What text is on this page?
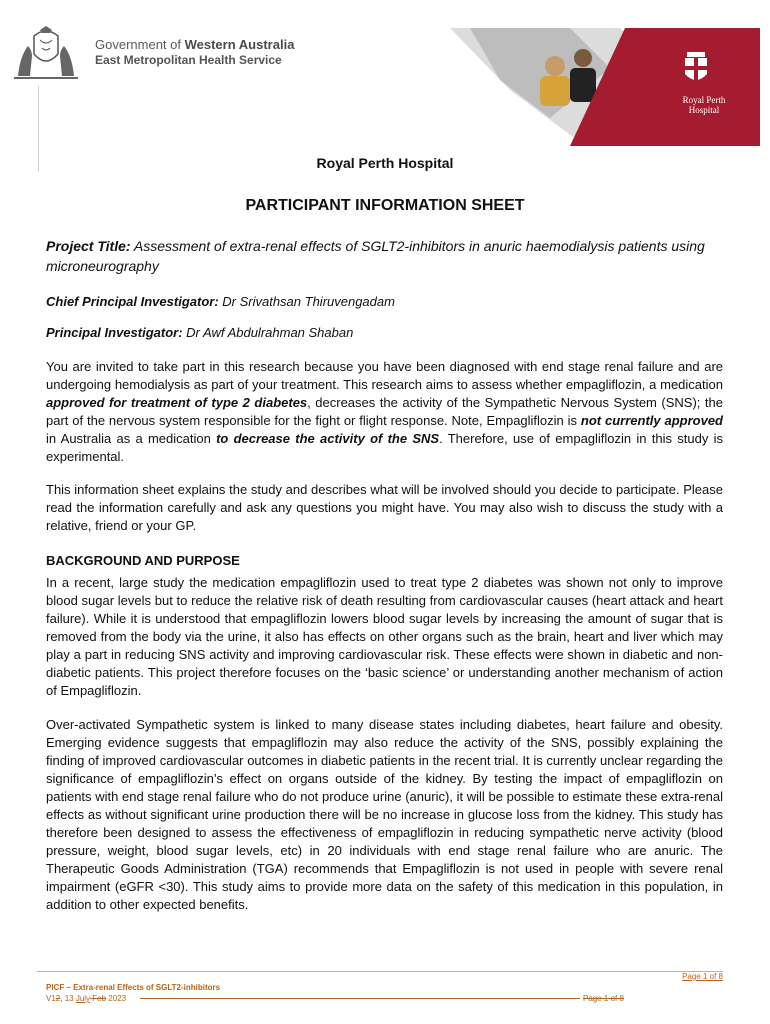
Government of Western Australia
East Metropolitan Health Service
Royal Perth
Hospital
Royal Perth Hospital
PARTICIPANT INFORMATION SHEET
Project Title: Assessment of extra-renal effects of SGLT2-inhibitors in anuric haemodialysis patients using microneurography
Chief Principal Investigator: Dr Srivathsan Thiruvengadam
Principal Investigator: Dr Awf Abdulrahman Shaban
You are invited to take part in this research because you have been diagnosed with end stage renal failure and are undergoing hemodialysis as part of your treatment. This research aims to assess whether empagliflozin, a medication approved for treatment of type 2 diabetes, decreases the activity of the Sympathetic Nervous System (SNS); the part of the nervous system responsible for the fight or flight response. Note, Empagliflozin is not currently approved in Australia as a medication to decrease the activity of the SNS. Therefore, use of empagliflozin in this study is experimental.
This information sheet explains the study and describes what will be involved should you decide to participate. Please read the information carefully and ask any questions you might have. You may also wish to discuss the study with a relative, friend or your GP.
BACKGROUND AND PURPOSE
In a recent, large study the medication empagliflozin used to treat type 2 diabetes was shown not only to improve blood sugar levels but to reduce the relative risk of death resulting from cardiovascular causes (heart attack and heart failure). While it is understood that empagliflozin lowers blood sugar levels by increasing the amount of sugar that is removed from the body via the urine, it also has effects on other organs such as the brain, heart and liver which may play a part in reducing SNS activity and improving cardiovascular risk. These effects were shown in diabetic and non-diabetic patients. This project therefore focuses on the ‘basic science’ or understanding another mechanism of action of Empagliflozin.
Over-activated Sympathetic system is linked to many disease states including diabetes, heart failure and obesity. Emerging evidence suggests that empagliflozin may also reduce the activity of the SNS, possibly explaining the finding of improved cardiovascular outcomes in diabetic patients in the recent trial. It is currently unclear regarding the significance of empagliflozin’s effect on organs outside of the kidney. By testing the impact of empagliflozin on patients with end stage renal failure who do not produce urine (anuric), it will be possible to estimate these extra-renal effects as without significant urine production there will be no increase in glucose loss from the kidney. This study has therefore been designed to assess the effectiveness of empagliflozin in reducing sympathetic nerve activity (blood pressure, weight, blood sugar levels, etc) in 20 individuals with end stage renal failure who are anuric. The Therapeutic Goods Administration (TGA) recommends that Empagliflozin is not used in people with severe renal impairment (eGFR <30). This study aims to provide more data on the safety of this medication in this population, in addition to other expected benefits.
Page 1 of 8
PICF – Extra-renal Effects of SGLT2-inhibitors
V12, 13 July Feb 2023	Page 1 of 8
